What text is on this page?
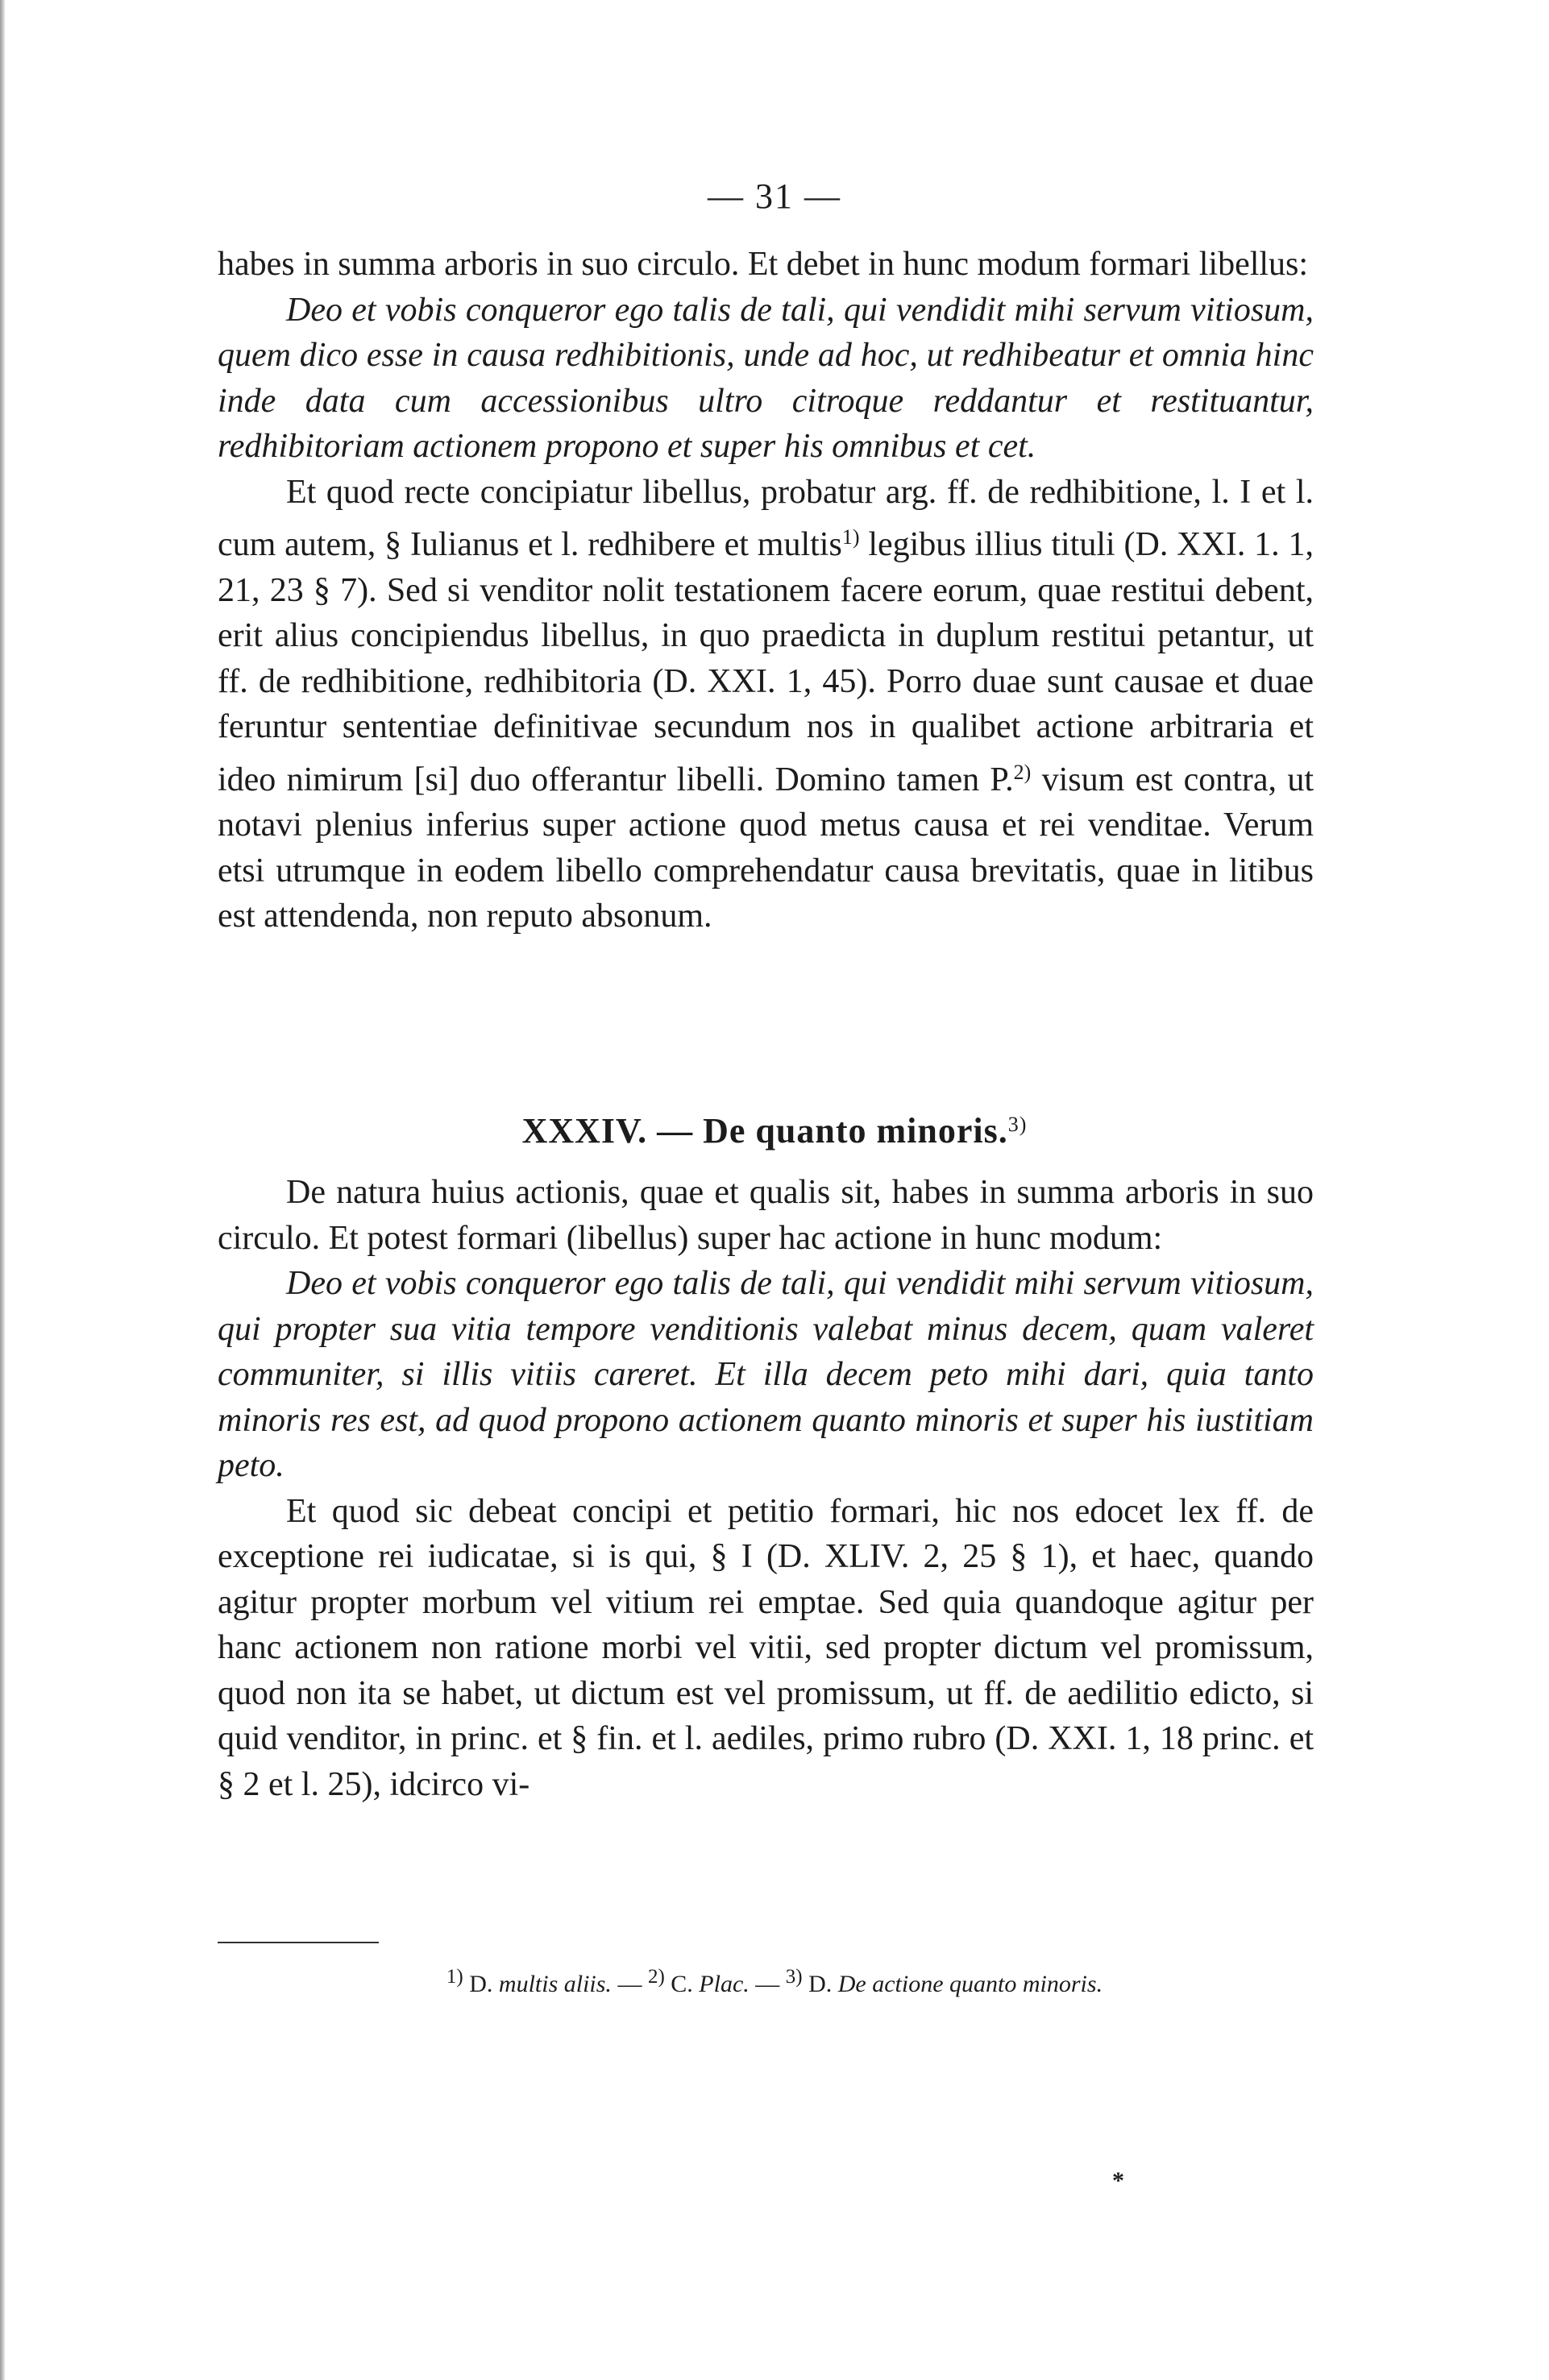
— 31 —

habes in summa arboris in suo circulo. Et debet in hunc modum formari libellus:

Deo et vobis conqueror ego talis de tali, qui vendidit mihi servum vitiosum, quem dico esse in causa redhibitionis, unde ad hoc, ut redhibeatur et omnia hinc inde data cum accessionibus ultro citroque reddantur et restituantur, redhibitoriam actionem propono et super his omnibus et cet.

Et quod recte concipiatur libellus, probatur arg. ff. de redhibitione, l. I et l. cum autem, § Iulianus et l. redhibere et multis$^{1)}$ legibus illius tituli (D. XXI. 1. 1, 21, 23 § 7). Sed si venditor nolit testationem facere eorum, quae restitui debent, erit alius concipiendus libellus, in quo praedicta in duplum restitui petantur, ut ff. de redhibitione, redhibitoria (D. XXI. 1, 45). Porro duae sunt causae et duae feruntur sententiae definitivae secundum nos in qualibet actione arbitraria et ideo nimirum [si] duo offerantur libelli. Domino tamen P.$^{2)}$ visum est contra, ut notavi plenius inferius super actione quod metus causa et rei venditae. Verum etsi utrumque in eodem libello comprehendatur causa brevitatis, quae in litibus est attendenda, non reputo absonum.

XXXIV. — De quanto minoris.$^{3)}$

De natura huius actionis, quae et qualis sit, habes in summa arboris in suo circulo. Et potest formari (libellus) super hac actione in hunc modum:

Deo et vobis conqueror ego talis de tali, qui vendidit mihi servum vitiosum, qui propter sua vitia tempore venditionis valebat minus decem, quam valeret communiter, si illis vitiis careret. Et illa decem peto mihi dari, quia tanto minoris res est, ad quod propono actionem quanto minoris et super his iustitiam peto.

Et quod sic debeat concipi et petitio formari, hic nos edocet lex ff. de exceptione rei iudicatae, si is qui, § I (D. XLIV. 2, 25 § 1), et haec, quando agitur propter morbum vel vitium rei emptae. Sed quia quandoque agitur per hanc actionem non ratione morbi vel vitii, sed propter dictum vel promissum, quod non ita se habet, ut dictum est vel promissum, ut ff. de aedilitio edicto, si quid venditor, in princ. et § fin. et l. aediles, primo rubro (D. XXI. 1, 18 princ. et § 2 et l. 25), idcirco vi-

$^{1)}$ D. multis aliis. — $^{2)}$ C. Plac. — $^{3)}$ D. De actione quanto minoris.
*
